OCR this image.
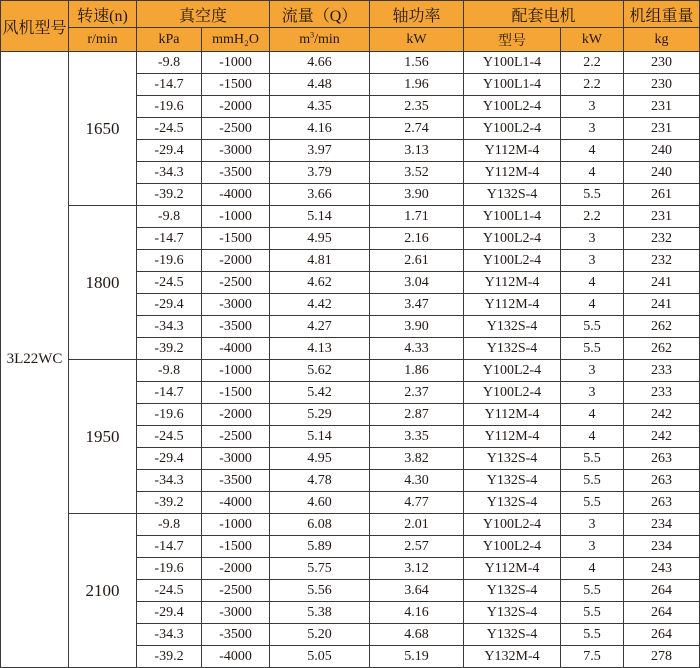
风机型号	转速(n)	真空度		流量（Q）	轴功率	配套电机		机组重量
	r/min	kPa	mmH₂O	$m^3/\min$	kW	型号	kW	kg
3L22WC	1650	-9.8	-1000	4.66	1.56	Y100L1-4	2.2	230
		-14.7	-1500	4.48	1.96	Y100L1-4	2.2	230
		-19.6	-2000	4.35	2.35	Y100L2-4	3	231
		-24.5	-2500	4.16	2.74	Y100L2-4	3	231
		-29.4	-3000	3.97	3.13	Y112M-4	4	240
		-34.3	-3500	3.79	3.52	Y112M-4	4	240
		-39.2	-4000	3.66	3.90	Y132S-4	5.5	261
	1800	-9.8	-1000	5.14	1.71	Y100L1-4	2.2	231
		-14.7	-1500	4.95	2.16	Y100L2-4	3	232
		-19.6	-2000	4.81	2.61	Y100L2-4	3	232
		-24.5	-2500	4.62	3.04	Y112M-4	4	241
		-29.4	-3000	4.42	3.47	Y112M-4	4	241
		-34.3	-3500	4.27	3.90	Y132S-4	5.5	262
		-39.2	-4000	4.13	4.33	Y132S-4	5.5	262
	1950	-9.8	-1000	5.62	1.86	Y100L2-4	3	233
		-14.7	-1500	5.42	2.37	Y100L2-4	3	233
		-19.6	-2000	5.29	2.87	Y112M-4	4	242
		-24.5	-2500	5.14	3.35	Y112M-4	4	242
		-29.4	-3000	4.95	3.82	Y132S-4	5.5	263
		-34.3	-3500	4.78	4.30	Y132S-4	5.5	263
		-39.2	-4000	4.60	4.77	Y132S-4	5.5	263
	2100	-9.8	-1000	6.08	2.01	Y100L2-4	3	234
		-14.7	-1500	5.89	2.57	Y100L2-4	3	234
		-19.6	-2000	5.75	3.12	Y112M-4	4	243
		-24.5	-2500	5.56	3.64	Y132S-4	5.5	264
		-29.4	-3000	5.38	4.16	Y132S-4	5.5	264
		-34.3	-3500	5.20	4.68	Y132S-4	5.5	264
		-39.2	-4000	5.05	5.19	Y132M-4	7.5	278
